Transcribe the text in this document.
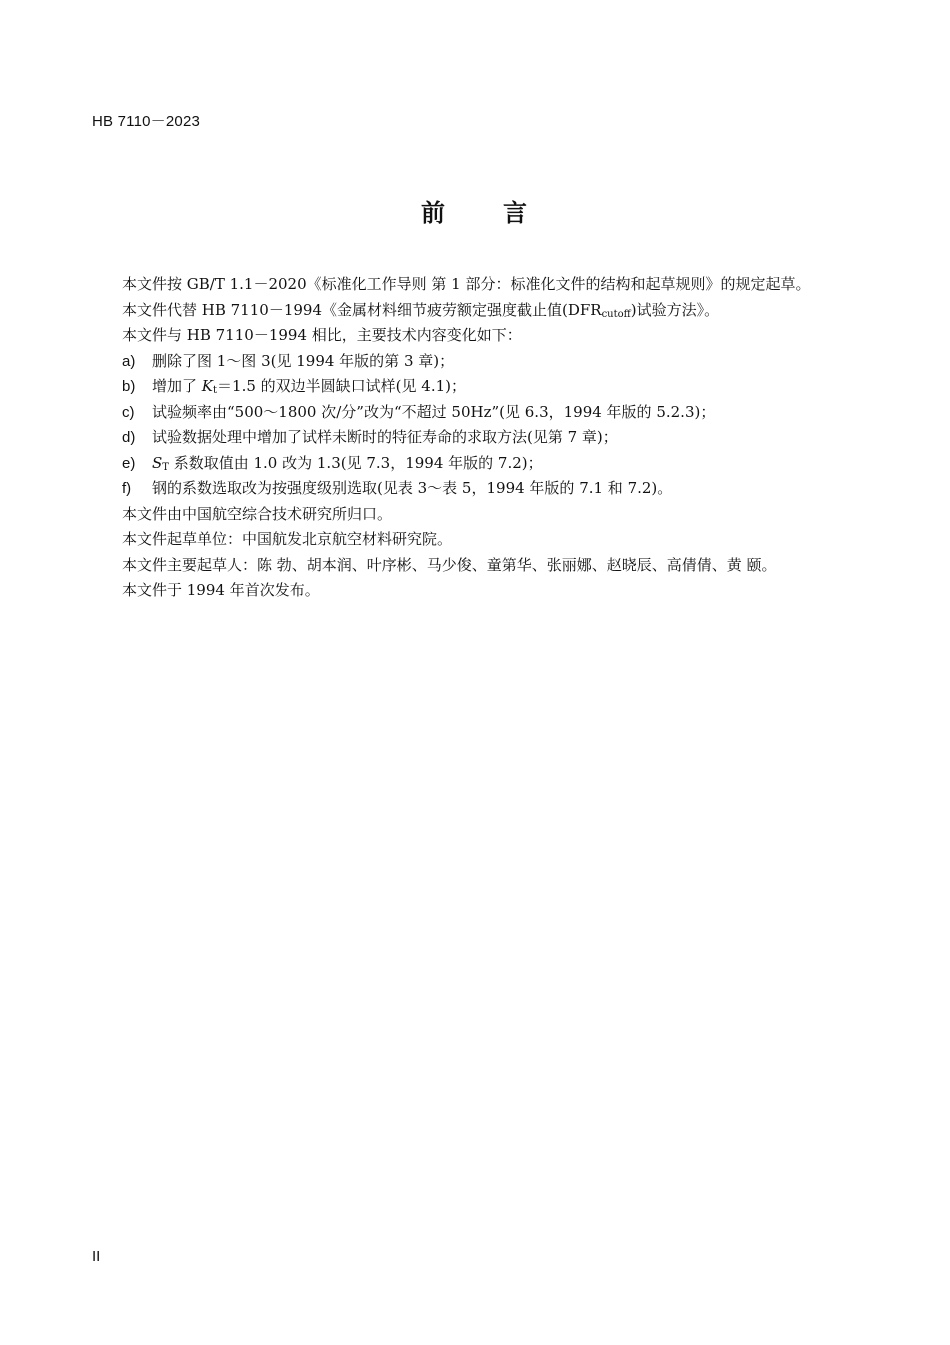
HB 7110－2023
前 言

本文件按 GB/T 1.1－2020《标准化工作导则 第 1 部分：标准化文件的结构和起草规则》的规定起草。

本文件代替 HB 7110－1994《金属材料细节疲劳额定强度截止值$(DFR_{cutoff})$试验方法》。

本文件与 HB 7110－1994 相比，主要技术内容变化如下：

a) 删除了图 1～图 3(见 1994 年版的第 3 章)；
b) 增加了 $K_t=1.5$ 的双边半圆缺口试样(见 4.1)；
c) 试验频率由“500～1800 次/分”改为“不超过 50Hz”(见 6.3，1994 年版的 5.2.3)；
d) 试验数据处理中增加了试样未断时的特征寿命的求取方法(见第 7 章)；
e) $S_T$ 系数取值由 1.0 改为 1.3(见 7.3，1994 年版的 7.2)；
f) 钢的系数选取改为按强度级别选取(见表 3～表 5，1994 年版的 7.1 和 7.2)。

本文件由中国航空综合技术研究所归口。

本文件起草单位：中国航发北京航空材料研究院。

本文件主要起草人：陈 勃、胡本润、叶序彬、马少俊、童第华、张丽娜、赵晓辰、高倩倩、黄 颐。

本文件于 1994 年首次发布。

II
